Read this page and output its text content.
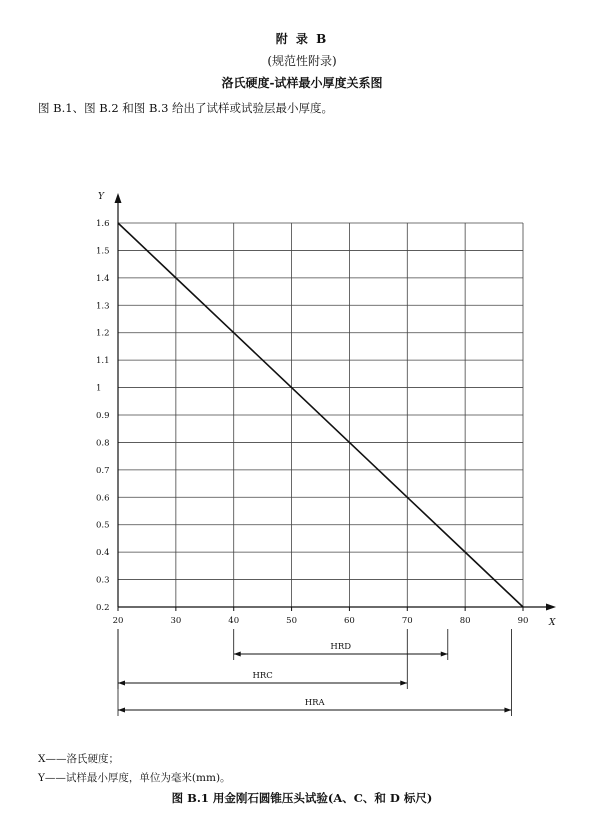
附 录 B
(规范性附录)
洛氏硬度-试样最小厚度关系图
图 B.1、图 B.2 和图 B.3 给出了试样或试验层最小厚度。
Y
X
0.2
0.3
0.4
0.5
0.6
0.7
0.8
0.9
1
1.1
1.2
1.3
1.4
1.5
1.6
20	30	40	50	60	70	80	90
HRD
HRC
HRA
X——洛氏硬度；
Y——试样最小厚度，单位为毫米(mm)。
图 B.1 用金刚石圆锥压头试验(A、C、和 D 标尺)
